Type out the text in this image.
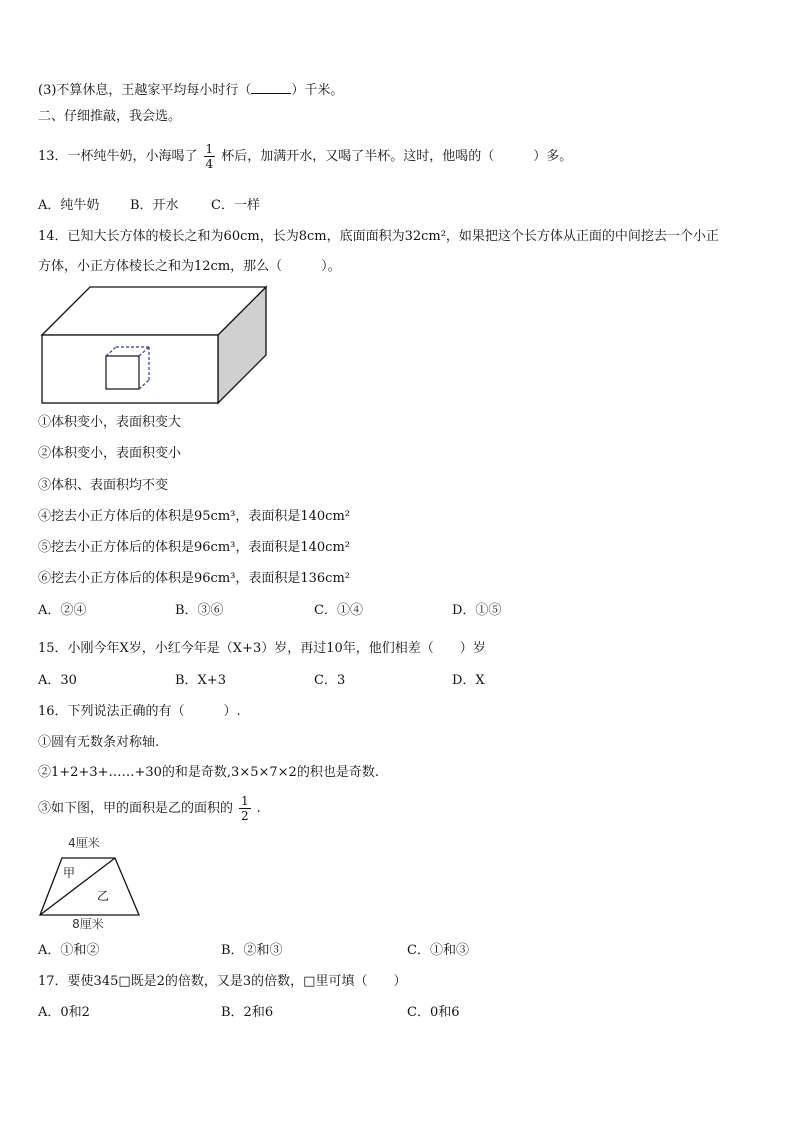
(3)不算休息，王越家平均每小时行（	）千米。
二、仔细推敲，我会选。
13．一杯纯牛奶，小海喝了 $\frac{1}{4}$ 杯后，加满开水，又喝了半杯。这时，他喝的（　　　）多。
A．纯牛奶 B．开水 C．一样
14．已知大长方体的棱长之和为60cm，长为8cm，底面面积为32cm²，如果把这个长方体从正面的中间挖去一个小正
方体，小正方体棱长之和为12cm，那么（　　　）。
①体积变小，表面积变大
②体积变小，表面积变小
③体积、表面积均不变
④挖去小正方体后的体积是95cm³，表面积是140cm²
⑤挖去小正方体后的体积是96cm³，表面积是140cm²
⑥挖去小正方体后的体积是96cm³，表面积是136cm²
A．②④	B．③⑥	C．①④	D．①⑤
15．小刚今年X岁，小红今年是（X+3）岁，再过10年，他们相差（　　）岁
A．30	B．X+3	C．3	D．X
16．下列说法正确的有（　　　）.
①圆有无数条对称轴.
②1+2+3+……+30的和是奇数,3×5×7×2的积也是奇数.
③如下图，甲的面积是乙的面积的 $\frac{1}{2}$ .
4厘米
甲
乙
8厘米
A．①和②	B．②和③	C．①和③
17．要使345□既是2的倍数，又是3的倍数，□里可填（　　）
A．0和2	B．2和6	C．0和6
